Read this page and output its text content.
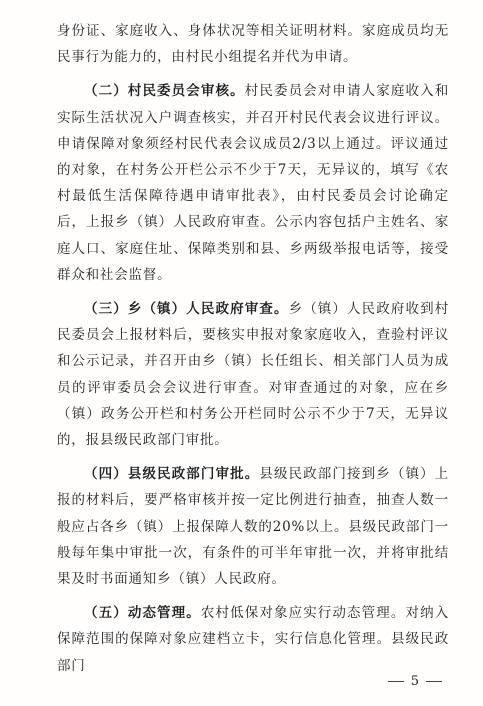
身份证、家庭收入、身体状况等相关证明材料。家庭成员均无民事行为能力的，由村民小组提名并代为申请。

（二）村民委员会审核。村民委员会对申请人家庭收入和实际生活状况入户调查核实，并召开村民代表会议进行评议。申请保障对象须经村民代表会议成员2/3以上通过。评议通过的对象，在村务公开栏公示不少于7天，无异议的，填写《农村最低生活保障待遇申请审批表》，由村民委员会讨论确定后，上报乡（镇）人民政府审查。公示内容包括户主姓名、家庭人口、家庭住址、保障类别和县、乡两级举报电话等，接受群众和社会监督。

（三）乡（镇）人民政府审查。乡（镇）人民政府收到村民委员会上报材料后，要核实申报对象家庭收入，查验村评议和公示记录，并召开由乡（镇）长任组长、相关部门人员为成员的评审委员会会议进行审查。对审查通过的对象，应在乡（镇）政务公开栏和村务公开栏同时公示不少于7天，无异议的，报县级民政部门审批。

（四）县级民政部门审批。县级民政部门接到乡（镇）上报的材料后，要严格审核并按一定比例进行抽查，抽查人数一般应占各乡（镇）上报保障人数的20%以上。县级民政部门一般每年集中审批一次，有条件的可半年审批一次，并将审批结果及时书面通知乡（镇）人民政府。

（五）动态管理。农村低保对象应实行动态管理。对纳入保障范围的保障对象应建档立卡，实行信息化管理。县级民政部门

5
